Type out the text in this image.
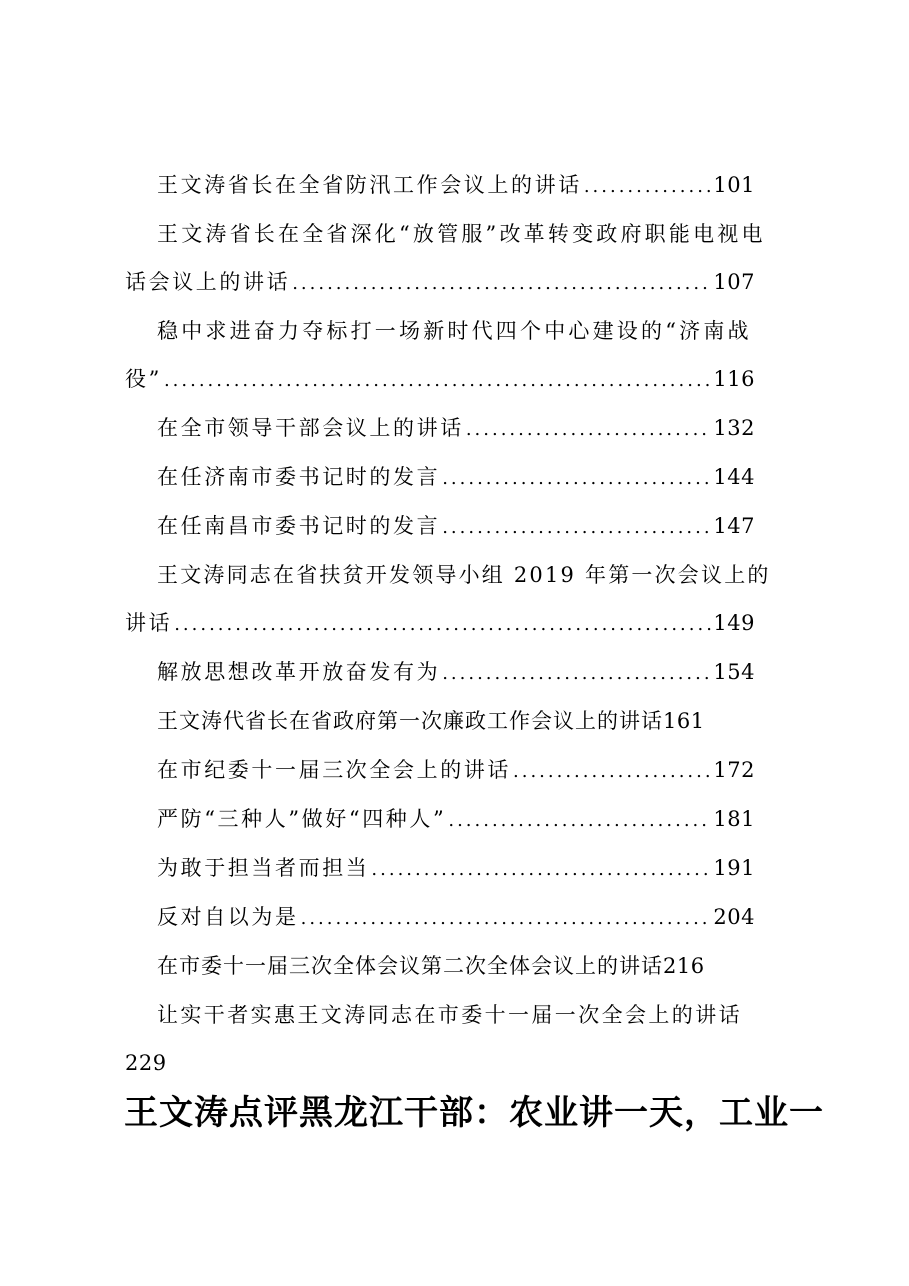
王文涛省长在全省防汛工作会议上的讲话 .....	101
王文涛省长在全省深化“放管服”改革转变政府职能电视电
话会议上的讲话 .....	107
稳中求进奋力夺标打一场新时代四个中心建设的“济南战
役” .....	116
在全市领导干部会议上的讲话 .....	132
在任济南市委书记时的发言 .....	144
在任南昌市委书记时的发言 .....	147
王文涛同志在省扶贫开发领导小组 2019 年第一次会议上的
讲话 .....	149
解放思想改革开放奋发有为 .....	154
王文涛代省长在省政府第一次廉政工作会议上的讲话 161
在市纪委十一届三次全会上的讲话 .....	172
严防“三种人”做好“四种人” .....	181
为敢于担当者而担当 .....	191
反对自以为是 .....	204
在市委十一届三次全体会议第二次全体会议上的讲话 216
让实干者实惠王文涛同志在市委十一届一次全会上的讲话
229
王文涛点评黑龙江干部：农业讲一天，工业一
